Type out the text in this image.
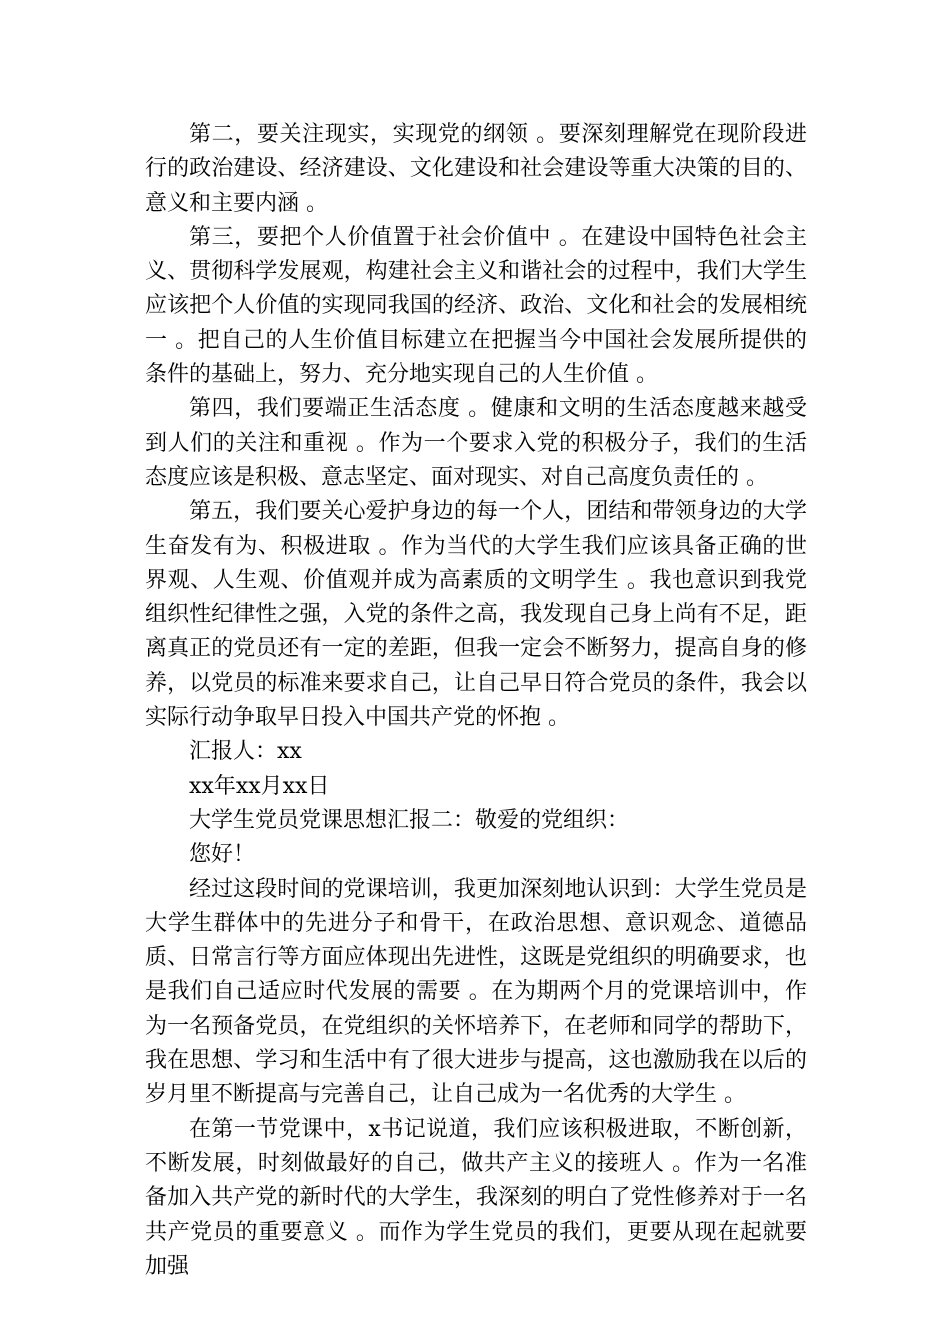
第二，要关注现实，实现党的纲领 。要深刻理解党在现阶段进行的政治建设、经济建设、文化建设和社会建设等重大决策的目的、意义和主要内涵 。

第三，要把个人价值置于社会价值中 。在建设中国特色社会主义、贯彻科学发展观，构建社会主义和谐社会的过程中，我们大学生应该把个人价值的实现同我国的经济、政治、文化和社会的发展相统一 。把自己的人生价值目标建立在把握当今中国社会发展所提供的条件的基础上，努力、充分地实现自己的人生价值 。

第四，我们要端正生活态度 。健康和文明的生活态度越来越受到人们的关注和重视 。作为一个要求入党的积极分子，我们的生活态度应该是积极、意志坚定、面对现实、对自己高度负责任的 。

第五，我们要关心爱护身边的每一个人，团结和带领身边的大学生奋发有为、积极进取 。作为当代的大学生我们应该具备正确的世界观、人生观、价值观并成为高素质的文明学生 。我也意识到我党组织性纪律性之强，入党的条件之高，我发现自己身上尚有不足，距离真正的党员还有一定的差距，但我一定会不断努力，提高自身的修养，以党员的标准来要求自己，让自己早日符合党员的条件，我会以实际行动争取早日投入中国共产党的怀抱 。

汇报人：xx

xx年xx月xx日

大学生党员党课思想汇报二：敬爱的党组织：

您好！

经过这段时间的党课培训，我更加深刻地认识到：大学生党员是大学生群体中的先进分子和骨干，在政治思想、意识观念、道德品质、日常言行等方面应体现出先进性，这既是党组织的明确要求，也是我们自己适应时代发展的需要 。在为期两个月的党课培训中，作为一名预备党员，在党组织的关怀培养下，在老师和同学的帮助下，我在思想、学习和生活中有了很大进步与提高，这也激励我在以后的岁月里不断提高与完善自己，让自己成为一名优秀的大学生 。

在第一节党课中，x书记说道，我们应该积极进取，不断创新，不断发展，时刻做最好的自己，做共产主义的接班人 。作为一名准备加入共产党的新时代的大学生，我深刻的明白了党性修养对于一名共产党员的重要意义 。而作为学生党员的我们，更要从现在起就要加强
